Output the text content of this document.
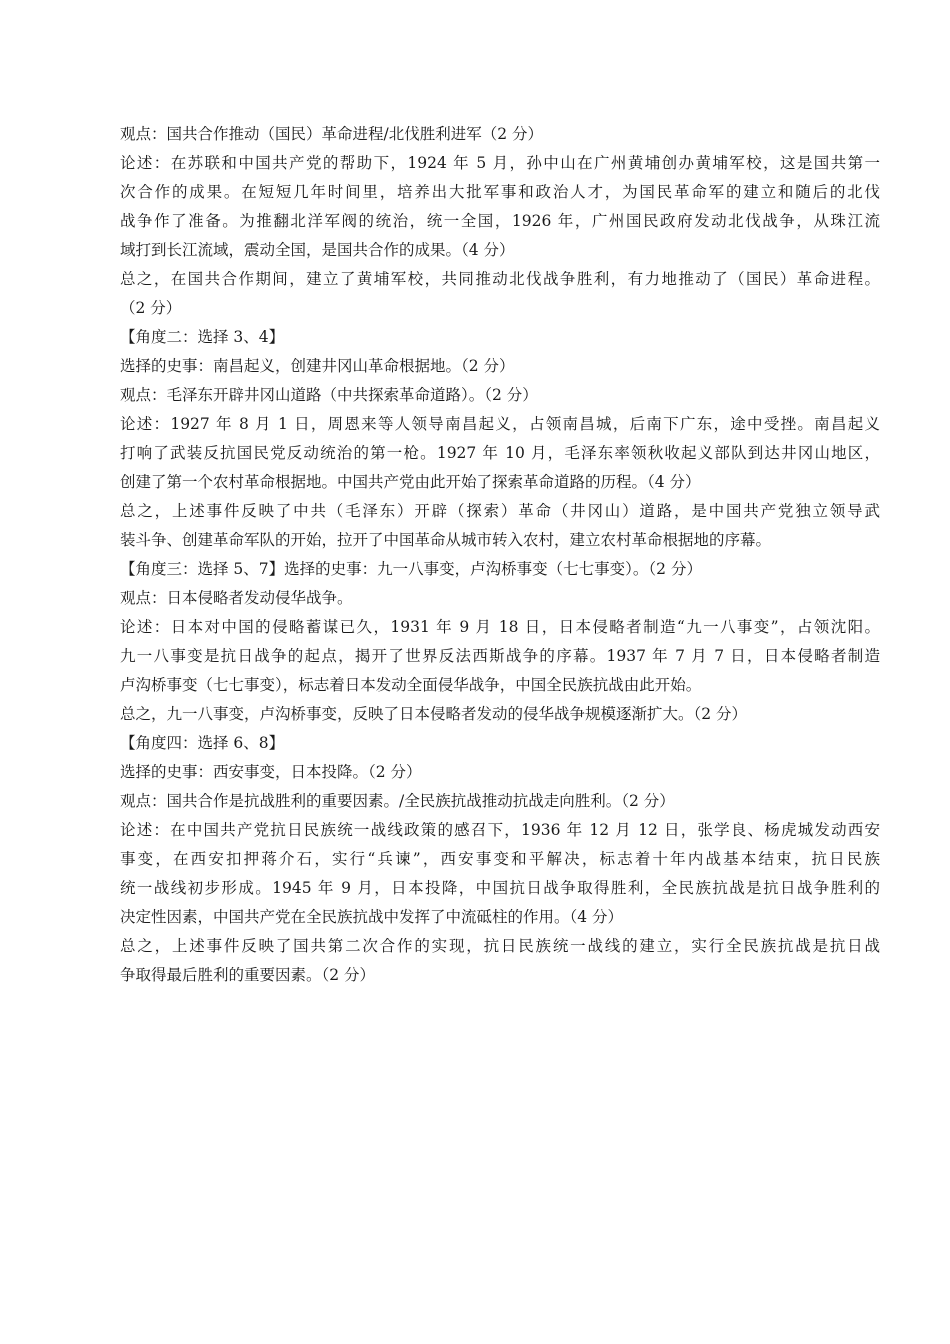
观点：国共合作推动（国民）革命进程/北伐胜利进军（2 分）
论述：在苏联和中国共产党的帮助下，1924 年 5 月，孙中山在广州黄埔创办黄埔军校，这是国共第一
次合作的成果。在短短几年时间里，培养出大批军事和政治人才，为国民革命军的建立和随后的北伐
战争作了准备。为推翻北洋军阀的统治，统一全国，1926 年，广州国民政府发动北伐战争，从珠江流
域打到长江流域，震动全国，是国共合作的成果。（4 分）
总之，在国共合作期间，建立了黄埔军校，共同推动北伐战争胜利，有力地推动了（国民）革命进程。
（2 分）
【角度二：选择 3、4】
选择的史事：南昌起义，创建井冈山革命根据地。（2 分）
观点：毛泽东开辟井冈山道路（中共探索革命道路）。（2 分）
论述：1927 年 8 月 1 日，周恩来等人领导南昌起义，占领南昌城，后南下广东，途中受挫。南昌起义
打响了武装反抗国民党反动统治的第一枪。1927 年 10 月，毛泽东率领秋收起义部队到达井冈山地区，
创建了第一个农村革命根据地。中国共产党由此开始了探索革命道路的历程。（4 分）
总之，上述事件反映了中共（毛泽东）开辟（探索）革命（井冈山）道路，是中国共产党独立领导武
装斗争、创建革命军队的开始，拉开了中国革命从城市转入农村，建立农村革命根据地的序幕。
【角度三：选择 5、7】选择的史事：九一八事变，卢沟桥事变（七七事变）。（2 分）
观点：日本侵略者发动侵华战争。
论述：日本对中国的侵略蓄谋已久，1931 年 9 月 18 日，日本侵略者制造“九一八事变”，占领沈阳。
九一八事变是抗日战争的起点，揭开了世界反法西斯战争的序幕。1937 年 7 月 7 日，日本侵略者制造
卢沟桥事变（七七事变），标志着日本发动全面侵华战争，中国全民族抗战由此开始。
总之，九一八事变，卢沟桥事变，反映了日本侵略者发动的侵华战争规模逐渐扩大。（2 分）
【角度四：选择 6、8】
选择的史事：西安事变，日本投降。（2 分）
观点：国共合作是抗战胜利的重要因素。/全民族抗战推动抗战走向胜利。（2 分）
论述：在中国共产党抗日民族统一战线政策的感召下，1936 年 12 月 12 日，张学良、杨虎城发动西安
事变，在西安扣押蒋介石，实行“兵谏”，西安事变和平解决，标志着十年内战基本结束，抗日民族
统一战线初步形成。1945 年 9 月，日本投降，中国抗日战争取得胜利，全民族抗战是抗日战争胜利的
决定性因素，中国共产党在全民族抗战中发挥了中流砥柱的作用。（4 分）
总之，上述事件反映了国共第二次合作的实现，抗日民族统一战线的建立，实行全民族抗战是抗日战
争取得最后胜利的重要因素。（2 分）
